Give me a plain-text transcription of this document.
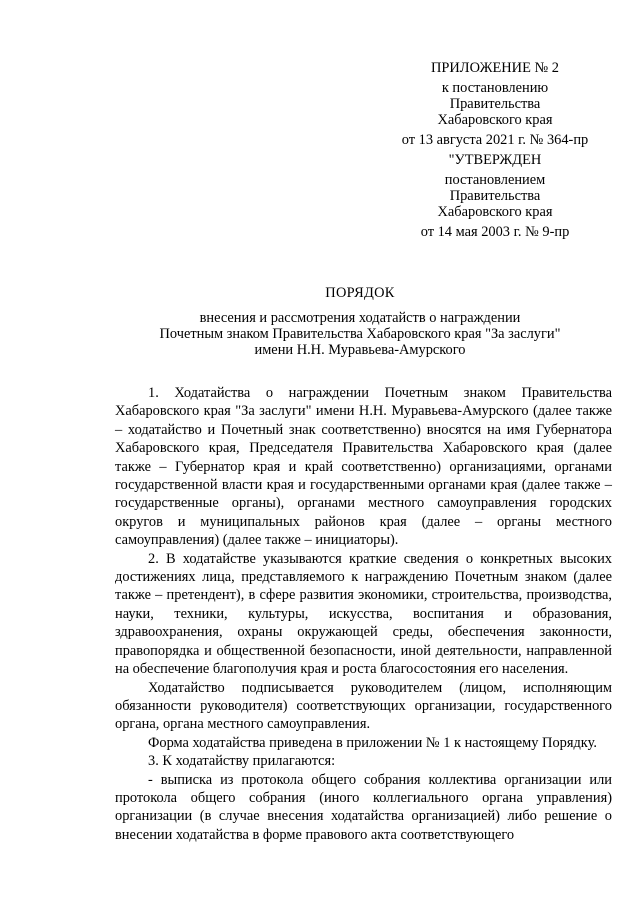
ПРИЛОЖЕНИЕ № 2
к постановлению
Правительства
Хабаровского края
от 13 августа 2021 г. № 364-пр
"УТВЕРЖДЕН
постановлением
Правительства
Хабаровского края
от 14 мая 2003 г. № 9-пр
ПОРЯДОК
внесения и рассмотрения ходатайств о награждении
Почетным знаком Правительства Хабаровского края "За заслуги"
имени Н.Н. Муравьева-Амурского

1. Ходатайства о награждении Почетным знаком Правительства Хабаровского края "За заслуги" имени Н.Н. Муравьева-Амурского (далее также – ходатайство и Почетный знак соответственно) вносятся на имя Губернатора Хабаровского края, Председателя Правительства Хабаровского края (далее также – Губернатор края и край соответственно) организациями, органами государственной власти края и государственными органами края (далее также – государственные органы), органами местного самоуправления городских округов и муниципальных районов края (далее – органы местного самоуправления) (далее также – инициаторы).

2. В ходатайстве указываются краткие сведения о конкретных высоких достижениях лица, представляемого к награждению Почетным знаком (далее также – претендент), в сфере развития экономики, строительства, производства, науки, техники, культуры, искусства, воспитания и образования, здравоохранения, охраны окружающей среды, обеспечения законности, правопорядка и общественной безопасности, иной деятельности, направленной на обеспечение благополучия края и роста благосостояния его населения.

Ходатайство подписывается руководителем (лицом, исполняющим обязанности руководителя) соответствующих организации, государственного органа, органа местного самоуправления.

Форма ходатайства приведена в приложении № 1 к настоящему Порядку.

3. К ходатайству прилагаются:

- выписка из протокола общего собрания коллектива организации или протокола общего собрания (иного коллегиального органа управления) организации (в случае внесения ходатайства организацией) либо решение о внесении ходатайства в форме правового акта соответствующего
